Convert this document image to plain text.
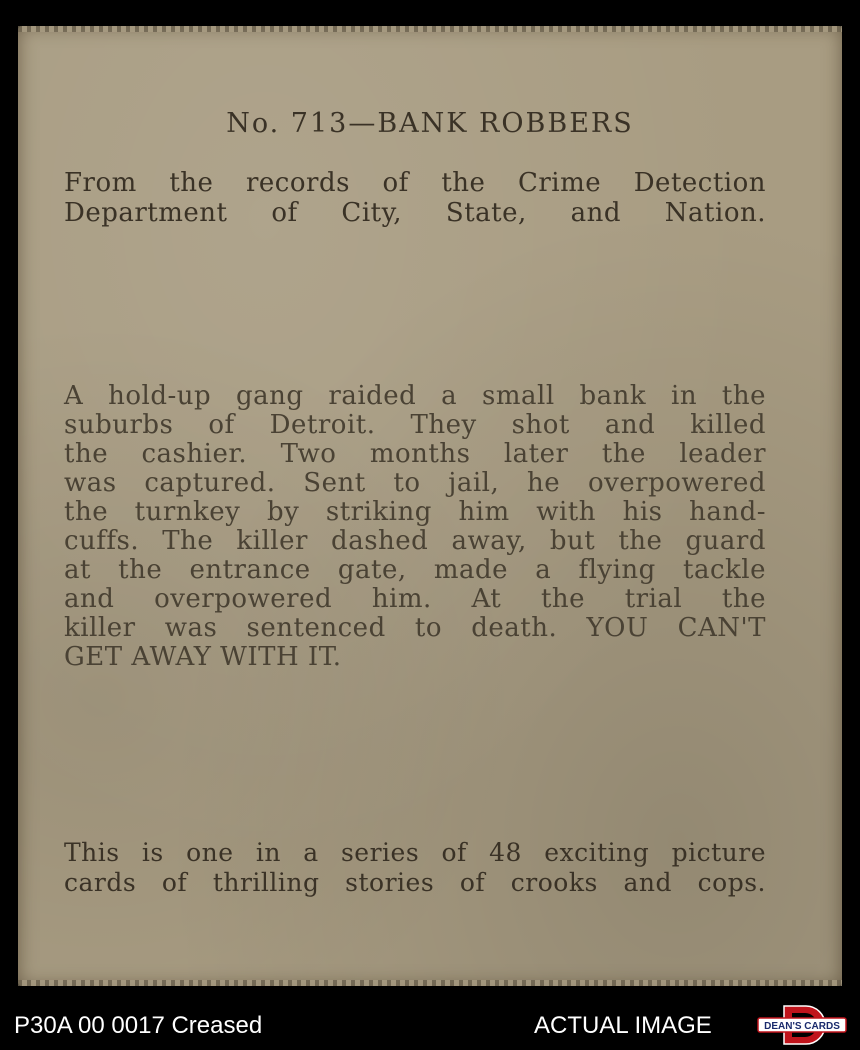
No. 713—BANK ROBBERS
From the records of the Crime Detection
Department of City, State, and Nation.
A hold-up gang raided a small bank in the
suburbs of Detroit. They shot and killed
the cashier. Two months later the leader
was captured. Sent to jail, he overpowered
the turnkey by striking him with his hand-
cuffs. The killer dashed away, but the guard
at the entrance gate, made a flying tackle
and overpowered him. At the trial the
killer was sentenced to death. YOU CAN'T
GET AWAY WITH IT.
This is one in a series of 48 exciting picture
cards of thrilling stories of crooks and cops.
P30A 00 0017 Creased	ACTUAL IMAGE	DEAN'S CARDS
